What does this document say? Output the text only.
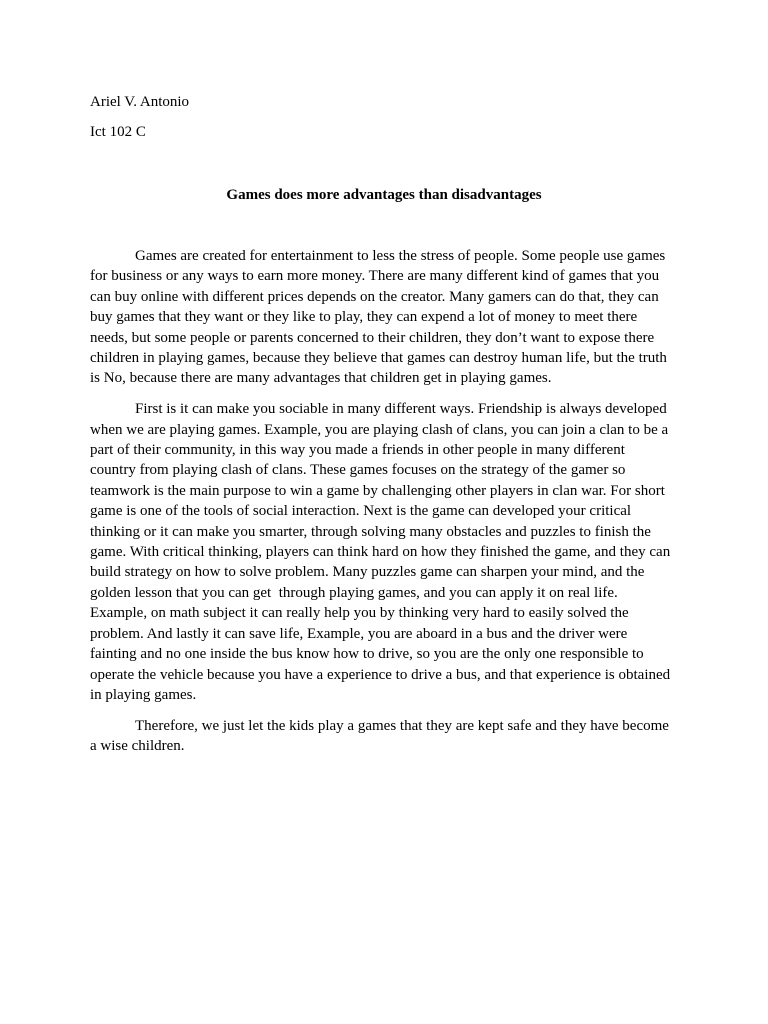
Ariel V. Antonio

Ict 102 C

Games does more advantages than disadvantages

Games are created for entertainment to less the stress of people. Some people use games
for business or any ways to earn more money. There are many different kind of games that you
can buy online with different prices depends on the creator. Many gamers can do that, they can
buy games that they want or they like to play, they can expend a lot of money to meet there
needs, but some people or parents concerned to their children, they don’t want to expose there
children in playing games, because they believe that games can destroy human life, but the truth
is No, because there are many advantages that children get in playing games.
First is it can make you sociable in many different ways. Friendship is always developed
when we are playing games. Example, you are playing clash of clans, you can join a clan to be a
part of their community, in this way you made a friends in other people in many different
country from playing clash of clans. These games focuses on the strategy of the gamer so
teamwork is the main purpose to win a game by challenging other players in clan war. For short
game is one of the tools of social interaction. Next is the game can developed your critical
thinking or it can make you smarter, through solving many obstacles and puzzles to finish the
game. With critical thinking, players can think hard on how they finished the game, and they can
build strategy on how to solve problem. Many puzzles game can sharpen your mind, and the
golden lesson that you can get  through playing games, and you can apply it on real life.
Example, on math subject it can really help you by thinking very hard to easily solved the
problem. And lastly it can save life, Example, you are aboard in a bus and the driver were
fainting and no one inside the bus know how to drive, so you are the only one responsible to
operate the vehicle because you have a experience to drive a bus, and that experience is obtained
in playing games.
Therefore, we just let the kids play a games that they are kept safe and they have become
a wise children.
